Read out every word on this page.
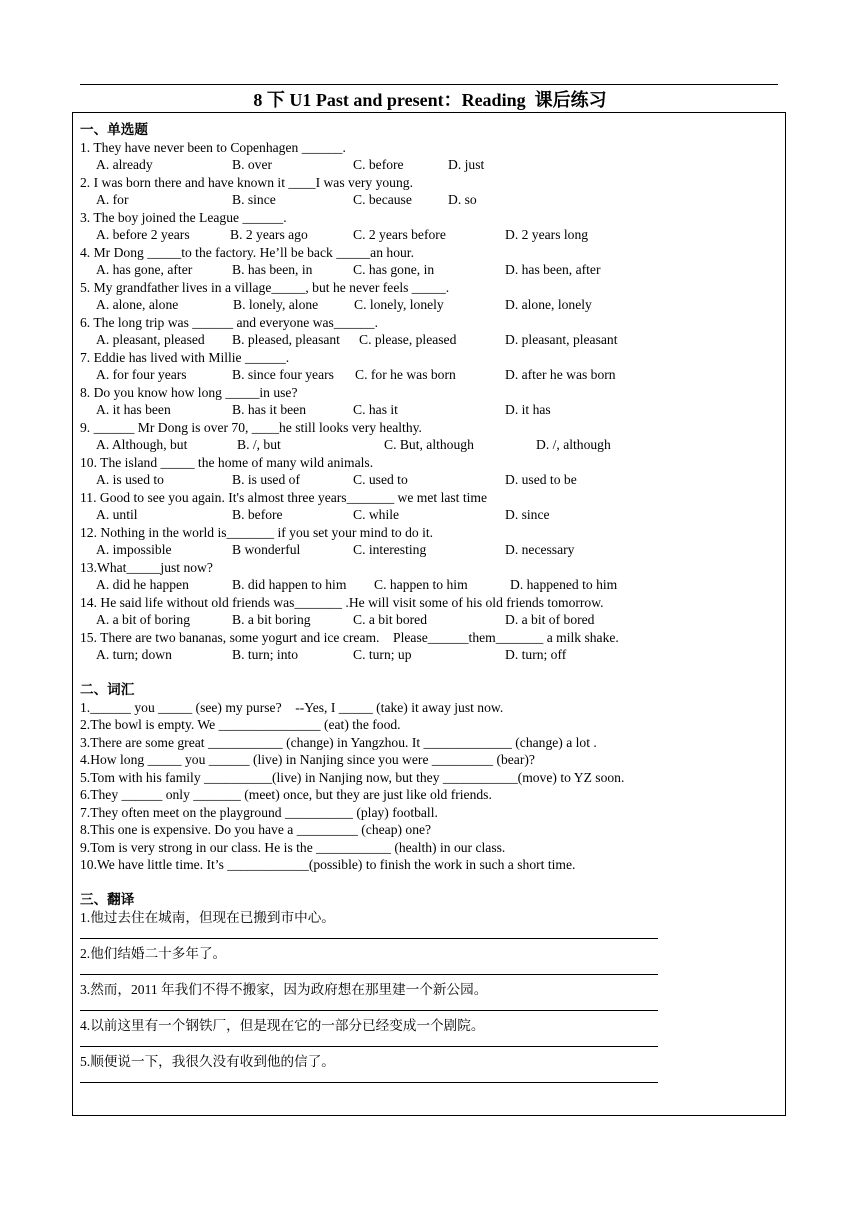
8 下 U1 Past and present：Reading  课后练习
一、单选题
1. They have never been to Copenhagen ______.
A. already	B. over	C. before	D. just
2. I was born there and have known it ____I was very young.
A. for	B. since	C. because	D. so
3. The boy joined the League ______.
A. before 2 years	B. 2 years ago	C. 2 years before	D. 2 years long
4. Mr Dong _____to the factory. He’ll be back _____an hour.
A. has gone, after	B. has been, in	C. has gone, in	D. has been, after
5. My grandfather lives in a village_____, but he never feels _____.
A. alone, alone	B. lonely, alone	C. lonely, lonely	D. alone, lonely
6. The long trip was ______ and everyone was______.
A. pleasant, pleased B. pleased, pleasant C. please, pleased	D. pleasant, pleasant
7. Eddie has lived with Millie ______.
A. for four years	B. since four years C. for he was born	D. after he was born
8. Do you know how long _____in use?
A. it has been	B. has it been	C. has it	D. it has
9. ______ Mr Dong is over 70, ____he still looks very healthy.
A. Although, but	B. /, but	C. But, although	D. /, although
10. The island _____ the home of many wild animals.
A. is used to	B. is used of	C. used to	D. used to be
11. Good to see you again. It's almost three years_______ we met last time
A. until	B. before	C. while	D. since
12. Nothing in the world is_______ if you set your mind to do it.
A. impossible	B wonderful	C. interesting	D. necessary
13.What_____just now?
A. did he happen	B. did happen to him C. happen to him	D. happened to him
14. He said life without old friends was_______ .He will visit some of his old friends tomorrow.
A. a bit of boring	B. a bit boring	C. a bit bored	D. a bit of bored
15. There are two bananas, some yogurt and ice cream.    Please______them_______ a milk shake.
A. turn; down	B. turn; into	C. turn; up	D. turn; off
二、词汇
1.______ you _____ (see) my purse?    --Yes, I _____ (take) it away just now.
2.The bowl is empty. We _______________ (eat) the food.
3.There are some great ___________ (change) in Yangzhou. It _____________ (change) a lot .
4.How long _____ you ______ (live) in Nanjing since you were _________ (bear)?
5.Tom with his family __________(live) in Nanjing now, but they ___________(move) to YZ soon.
6.They ______ only _______ (meet) once, but they are just like old friends.
7.They often meet on the playground __________ (play) football.
8.This one is expensive. Do you have a _________ (cheap) one?
9.Tom is very strong in our class. He is the ___________ (health) in our class.
10.We have little time. It’s ____________(possible) to finish the work in such a short time.
三、翻译
1.他过去住在城南，但现在已搬到市中心。
2.他们结婚二十多年了。
3.然而，2011 年我们不得不搬家，因为政府想在那里建一个新公园。
4.以前这里有一个钢铁厂，但是现在它的一部分已经变成一个剧院。
5.顺便说一下，我很久没有收到他的信了。
